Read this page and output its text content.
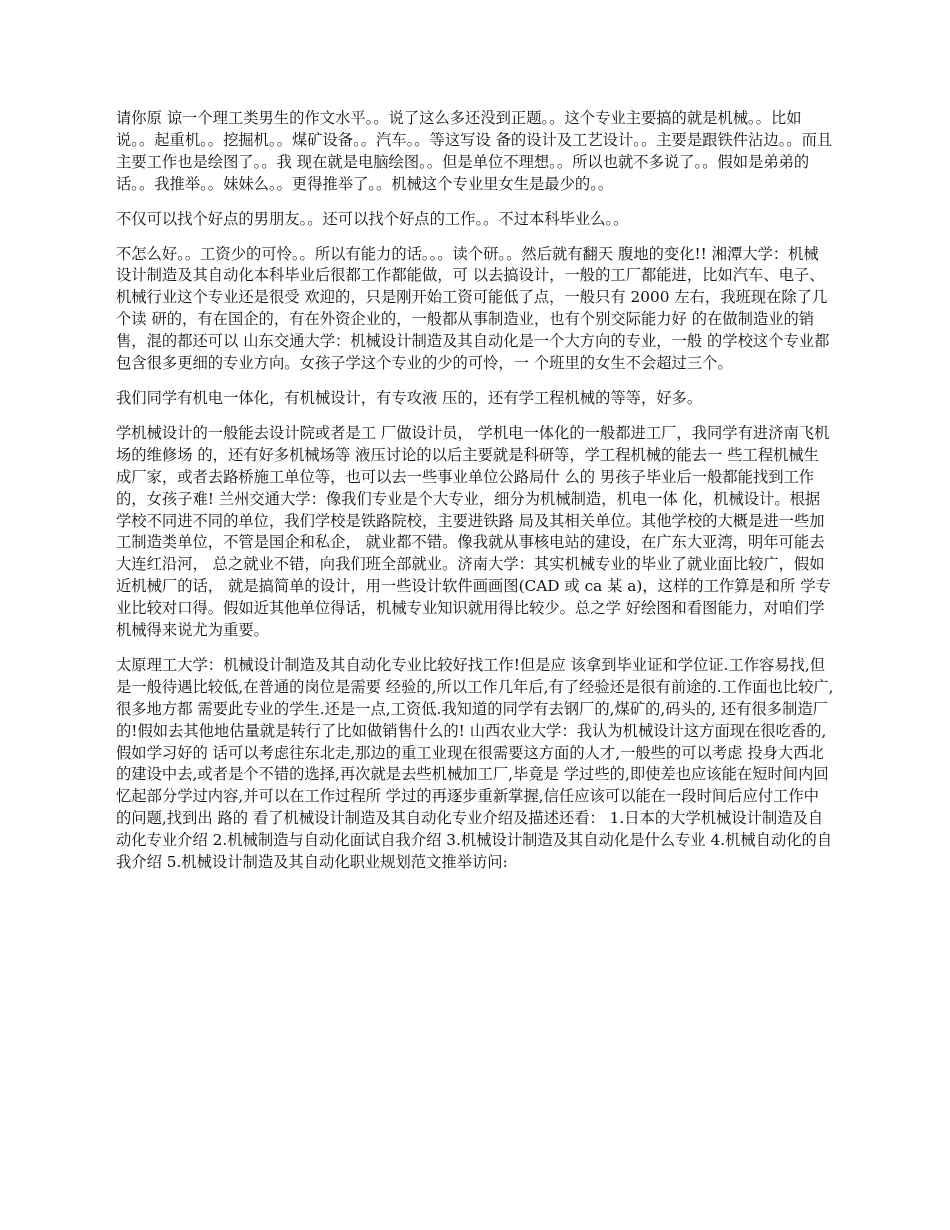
请你原 谅一个理工类男生的作文水平。。说了这么多还没到正题。。这个专业主要搞的就是机械。。比如说。。起重机。。挖掘机。。煤矿设备。。汽车。。等这写设 备的设计及工艺设计。。主要是跟铁件沾边。。而且主要工作也是绘图了。。我 现在就是电脑绘图。。但是单位不理想。。所以也就不多说了。。假如是弟弟的 话。。我推举。。妹妹么。。更得推举了。。机械这个专业里女生是最少的。。

不仅可以找个好点的男朋友。。还可以找个好点的工作。。不过本科毕业么。。

不怎么好。。工资少的可怜。。所以有能力的话。。。读个研。。然后就有翻天 腹地的变化!! 湘潭大学：机械设计制造及其自动化本科毕业后很都工作都能做，可 以去搞设计，一般的工厂都能进，比如汽车、电子、机械行业这个专业还是很受 欢迎的，只是刚开始工资可能低了点，一般只有 2000 左右，我班现在除了几个读 研的，有在国企的，有在外资企业的，一般都从事制造业，也有个别交际能力好 的在做制造业的销售，混的都还可以 山东交通大学：机械设计制造及其自动化是一个大方向的专业，一般 的学校这个专业都包含很多更细的专业方向。女孩子学这个专业的少的可怜，一 个班里的女生不会超过三个。

我们同学有机电一体化，有机械设计，有专攻液 压的，还有学工程机械的等等，好多。

学机械设计的一般能去设计院或者是工 厂做设计员， 学机电一体化的一般都进工厂，我同学有进济南飞机场的维修场 的，还有好多机械场等 液压讨论的以后主要就是科研等，学工程机械的能去一 些工程机械生成厂家，或者去路桥施工单位等，也可以去一些事业单位公路局什 么的 男孩子毕业后一般都能找到工作的，女孩子难! 兰州交通大学：像我们专业是个大专业，细分为机械制造，机电一体 化，机械设计。根据学校不同进不同的单位，我们学校是铁路院校，主要进铁路 局及其相关单位。其他学校的大概是进一些加工制造类单位，不管是国企和私企， 就业都不错。像我就从事核电站的建设，在广东大亚湾，明年可能去大连红沿河， 总之就业不错，向我们班全部就业。济南大学：其实机械专业的毕业了就业面比较广，假如近机械厂的话， 就是搞简单的设计，用一些设计软件画画图(CAD 或 ca 某 a)，这样的工作算是和所 学专业比较对口得。假如近其他单位得话，机械专业知识就用得比较少。总之学 好绘图和看图能力，对咱们学机械得来说尤为重要。

太原理工大学：机械设计制造及其自动化专业比较好找工作!但是应 该拿到毕业证和学位证.工作容易找,但是一般待遇比较低,在普通的岗位是需要 经验的,所以工作几年后,有了经验还是很有前途的.工作面也比较广,很多地方都 需要此专业的学生.还是一点,工资低.我知道的同学有去钢厂的,煤矿的,码头的, 还有很多制造厂的!假如去其他地估量就是转行了比如做销售什么的! 山西农业大学：我认为机械设计这方面现在很吃香的,假如学习好的 话可以考虑往东北走,那边的重工业现在很需要这方面的人才,一般些的可以考虑 投身大西北的建设中去,或者是个不错的选择,再次就是去些机械加工厂,毕竟是 学过些的,即使差也应该能在短时间内回忆起部分学过内容,并可以在工作过程所 学过的再逐步重新掌握,信任应该可以能在一段时间后应付工作中的问题,找到出 路的 看了机械设计制造及其自动化专业介绍及描述还看： 1.日本的大学机械设计制造及自动化专业介绍 2.机械制造与自动化面试自我介绍 3.机械设计制造及其自动化是什么专业 4.机械自动化的自我介绍 5.机械设计制造及其自动化职业规划范文推举访问:
